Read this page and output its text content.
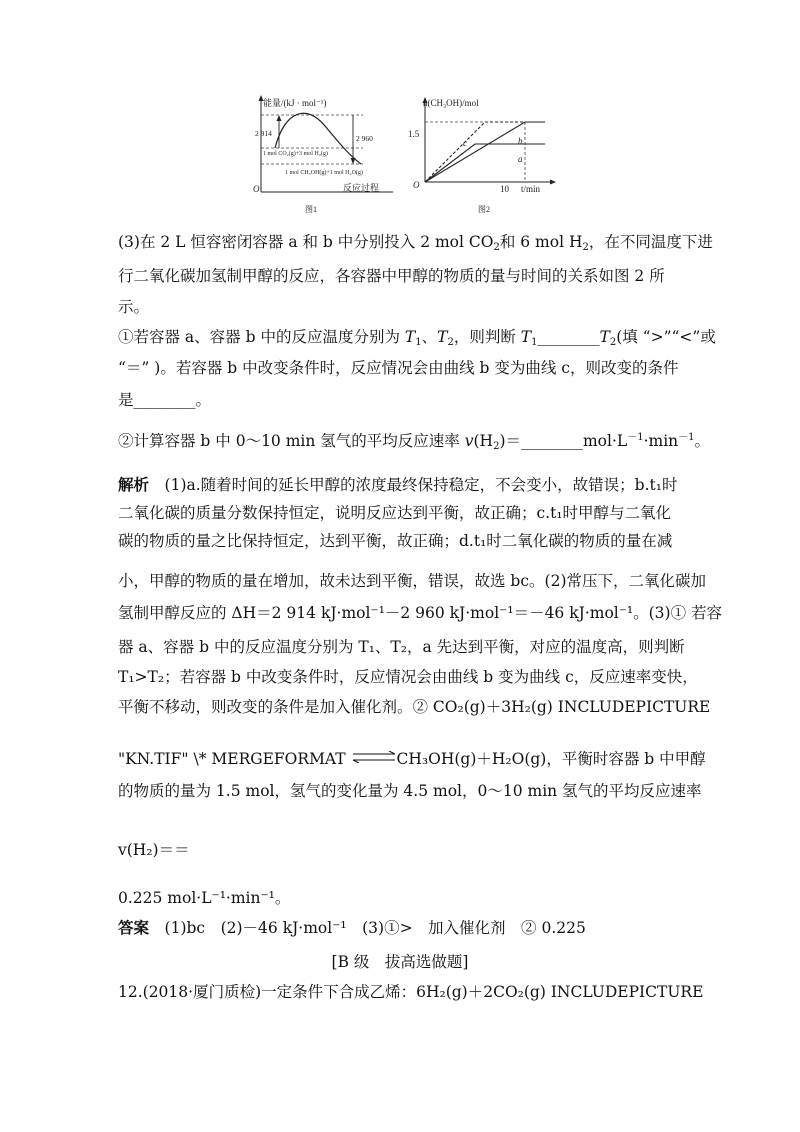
能量/(kJ · mol⁻¹)
2 914
2 960
1 mol CO₂(g)+3 mol H₂(g)
1 mol CH₃OH(g)+1 mol H₂O(g)
O	反应过程
图1
n(CH₃OH)/mol
1.5
10 t/min
O
a
b
c
图2
(3)在 2 L 恒容密闭容器 a 和 b 中分别投入 2 mol $CO_2$和 6 mol $H_2$，在不同温度下进
行二氧化碳加氢制甲醇的反应，各容器中甲醇的物质的量与时间的关系如图 2 所
示。
①若容器 a、容器 b 中的反应温度分别为 $T_1$、$T_2$，则判断 $T_1\_\_\_\_\_\_\_\_T_2$(填 “>”“<”或
“＝” )。若容器 b 中改变条件时，反应情况会由曲线 b 变为曲线 c，则改变的条件
是________。
②计算容器 b 中 0～10 min 氢气的平均反应速率 $v(H_2)=\_\_\_\_\_\_\_\_mol\cdot L^{-1}\cdot\min^{-1}$。
解析　 (1)a.随着时间的延长甲醇的浓度最终保持稳定，不会变小，故错误；b.t₁时
二氧化碳的质量分数保持恒定，说明反应达到平衡，故正确；c.t₁时甲醇与二氧化
碳的物质的量之比保持恒定，达到平衡，故正确；d.t₁时二氧化碳的物质的量在减
小，甲醇的物质的量在增加，故未达到平衡，错误，故选 bc。(2)常压下，二氧化碳加
氢制甲醇反应的 ΔH＝2 914 kJ·mol⁻¹－2 960 kJ·mol⁻¹＝－46 kJ·mol⁻¹。(3)① 若容
器 a、容器 b 中的反应温度分别为 T₁、T₂，a 先达到平衡，对应的温度高，则判断
T₁>T₂；若容器 b 中改变条件时，反应情况会由曲线 b 变为曲线 c，反应速率变快，
平衡不移动，则改变的条件是加入催化剂。② CO₂(g)＋3H₂(g) INCLUDEPICTURE
"KN.TIF" \* MERGEFORMAT ⇌CH₃OH(g)＋H₂O(g)，平衡时容器 b 中甲醇
的物质的量为 1.5 mol，氢气的变化量为 4.5 mol，0～10 min 氢气的平均反应速率
v(H₂)＝＝
0.225 mol·L⁻¹·min⁻¹。
答案　 (1)bc　(2)－46 kJ·mol⁻¹　(3)①>　加入催化剂　② 0.225
[B 级　拔高选做题]
12.(2018·厦门质检)一定条件下合成乙烯：6H₂(g)＋2CO₂(g) INCLUDEPICTURE
